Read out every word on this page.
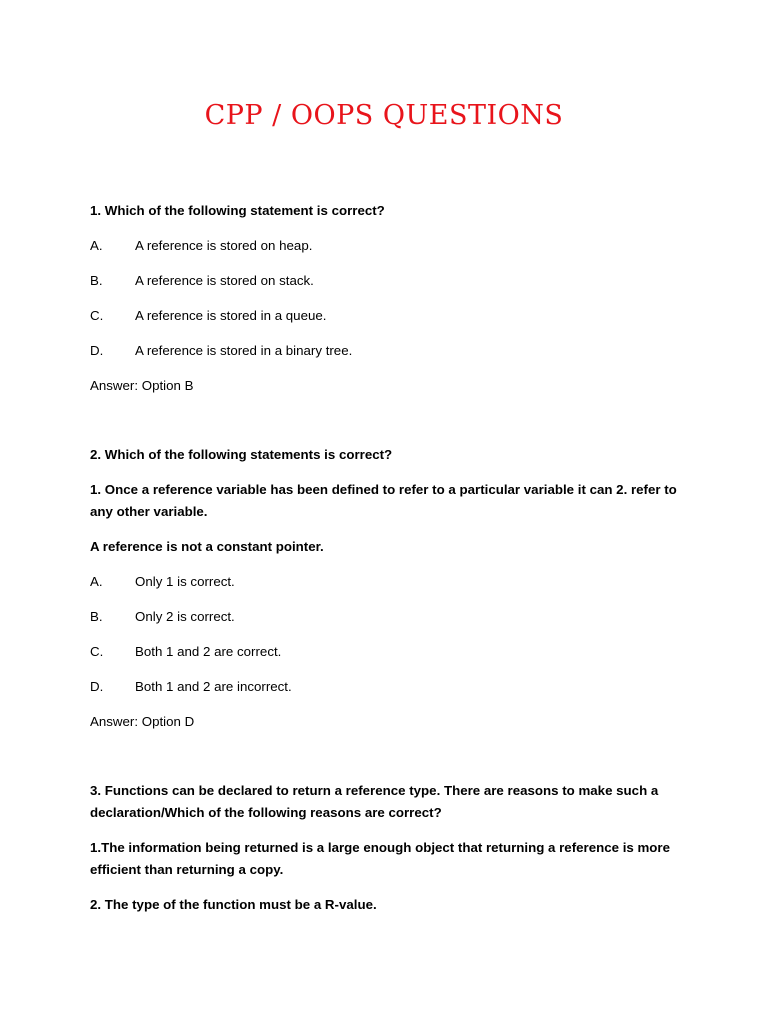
CPP / OOPS QUESTIONS
1. Which of the following statement is correct?
A.	A reference is stored on heap.
B.	A reference is stored on stack.
C.	A reference is stored in a queue.
D.	A reference is stored in a binary tree.
Answer: Option B
2. Which of the following statements is correct?
1. Once a reference variable has been defined to refer to a particular variable it can 2. refer to any other variable.
A reference is not a constant pointer.
A.	Only 1 is correct.
B.	Only 2 is correct.
C.	Both 1 and 2 are correct.
D.	Both 1 and 2 are incorrect.
Answer: Option D
3. Functions can be declared to return a reference type. There are reasons to make such a declaration/Which of the following reasons are correct?
1.The information being returned is a large enough object that returning a reference is more efficient than returning a copy.
2. The type of the function must be a R-value.
